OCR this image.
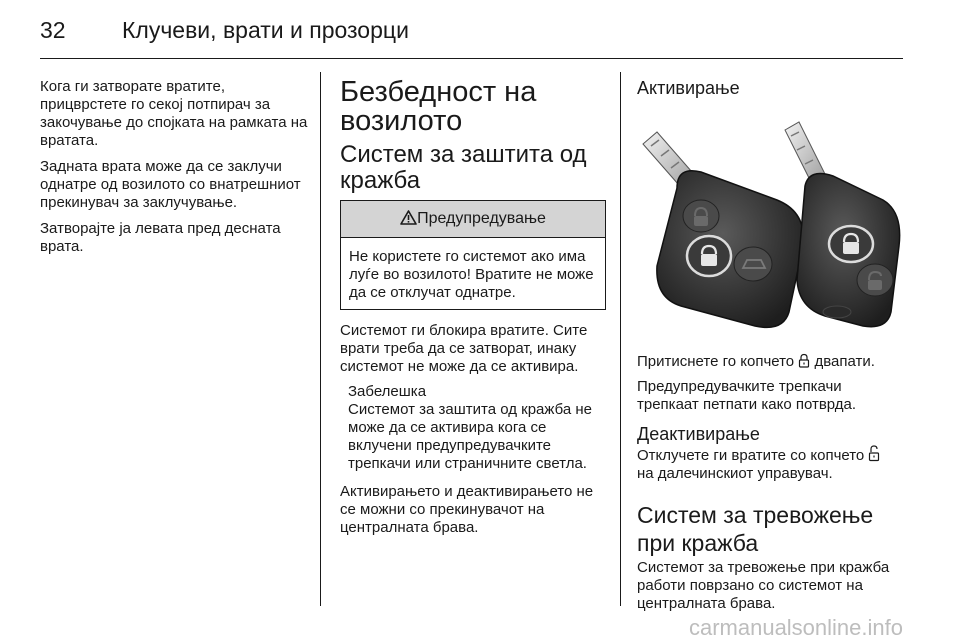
32 Клучеви, врати и прозорци

Кога ги затворате вратите, прицврстете го секој потпирач за закочување до спојката на рамката на вратата.

Задната врата може да се заклучи однатре од возилото со внатрешниот прекинувач за заклучување.

Затворајте ја левата пред десната врата.

Безбедност на возилото
Систем за заштита од кражба
Предупредување
Не користете го системот ако има луѓе во возилото! Вратите не може да се отклучат однатре.

Системот ги блокира вратите. Сите врати треба да се затворат, инаку системот не може да се активира.

Забелешка

Системот за заштита од кражба не може да се активира кога се вклучени предупредувачките трепкачи или страничните светла.

Активирањето и деактивирањето не се можни со прекинувачот на централната брава.

Активирање

Притиснете го копчето двапати.

Предупредувачките трепкачи трепкаат петпати како потврда.

Деактивирање

Отклучете ги вратите со копчето
на далечинскиот управувач.

Систем за тревожење при кражба

Системот за тревожење при кражба работи поврзано со системот на централната брава.

carmanualsonline.info
